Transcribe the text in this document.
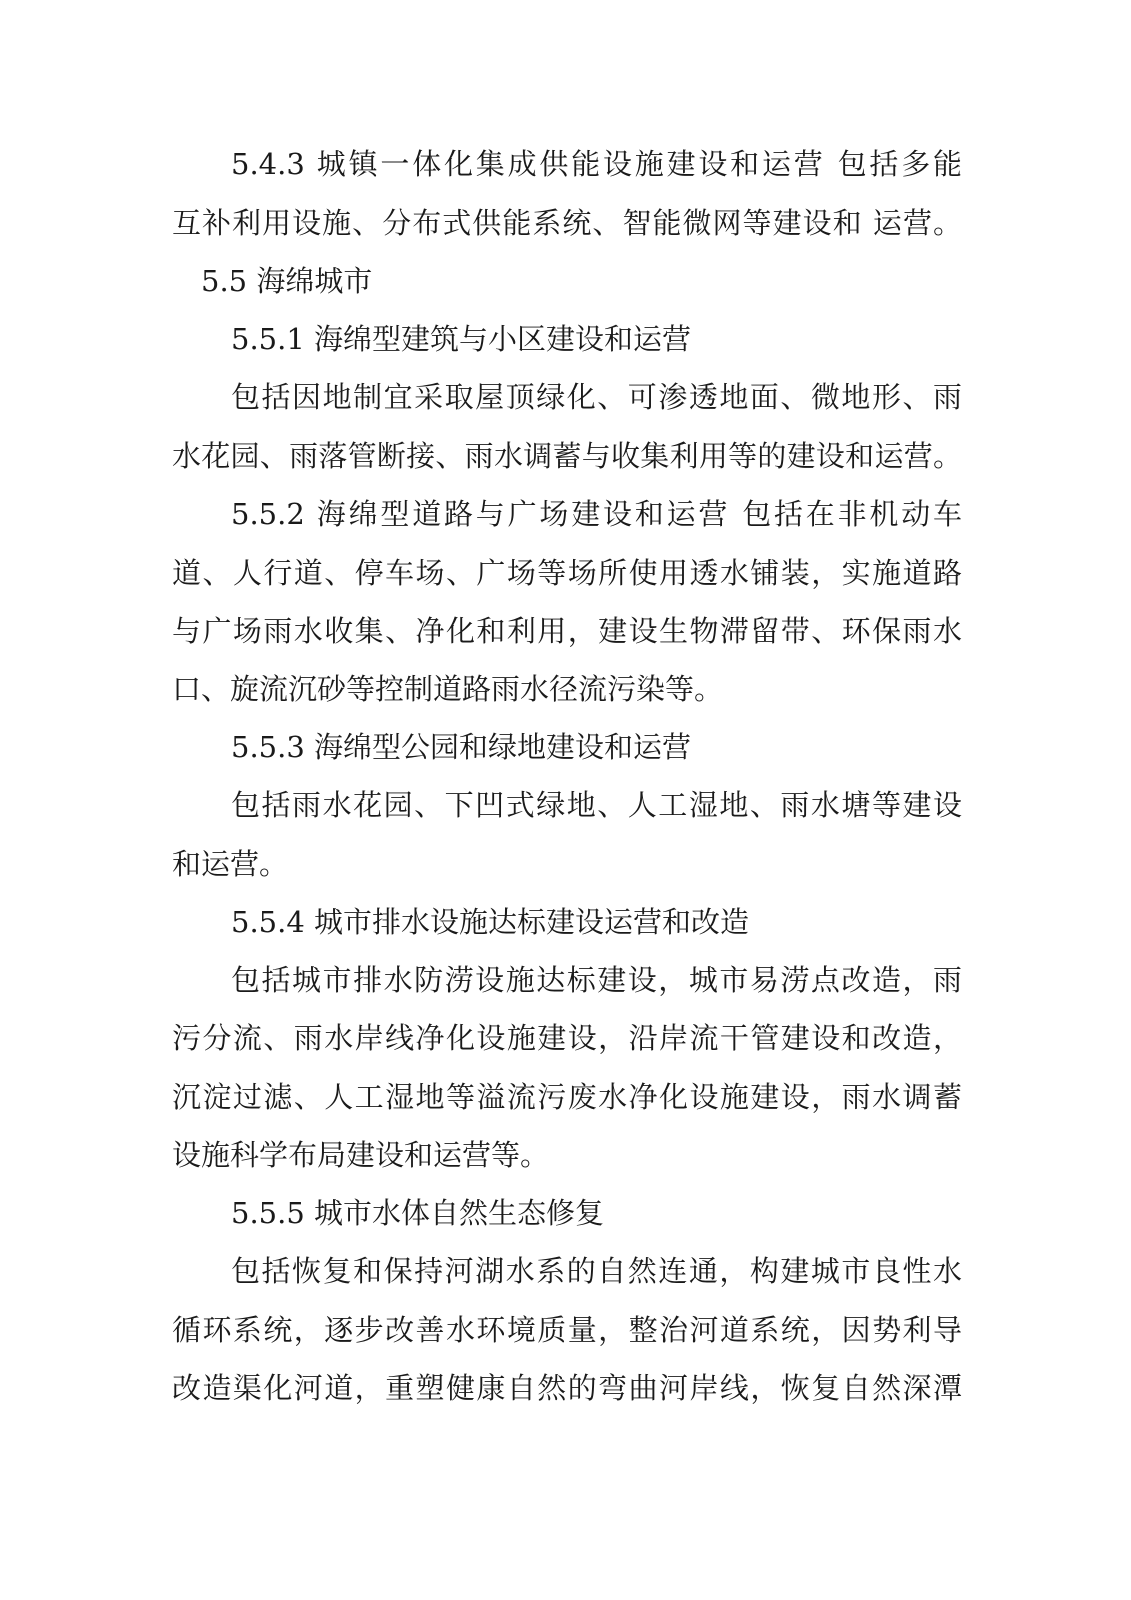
5.4.3 城镇一体化集成供能设施建设和运营 包括多能
互补利用设施、分布式供能系统、智能微网等建设和 运营。
5.5 海绵城市
5.5.1 海绵型建筑与小区建设和运营
包括因地制宜采取屋顶绿化、可渗透地面、微地形、雨
水花园、雨落管断接、雨水调蓄与收集利用等的建设和运营。
5.5.2 海绵型道路与广场建设和运营 包括在非机动车
道、人行道、停车场、广场等场所使用透水铺装，实施道路
与广场雨水收集、净化和利用，建设生物滞留带、环保雨水
口、旋流沉砂等控制道路雨水径流污染等。
5.5.3 海绵型公园和绿地建设和运营
包括雨水花园、下凹式绿地、人工湿地、雨水塘等建设
和运营。
5.5.4 城市排水设施达标建设运营和改造
包括城市排水防涝设施达标建设，城市易涝点改造，雨
污分流、雨水岸线净化设施建设，沿岸流干管建设和改造，
沉淀过滤、人工湿地等溢流污废水净化设施建设，雨水调蓄
设施科学布局建设和运营等。
5.5.5 城市水体自然生态修复
包括恢复和保持河湖水系的自然连通，构建城市良性水
循环系统，逐步改善水环境质量，整治河道系统，因势利导
改造渠化河道，重塑健康自然的弯曲河岸线，恢复自然深潭
